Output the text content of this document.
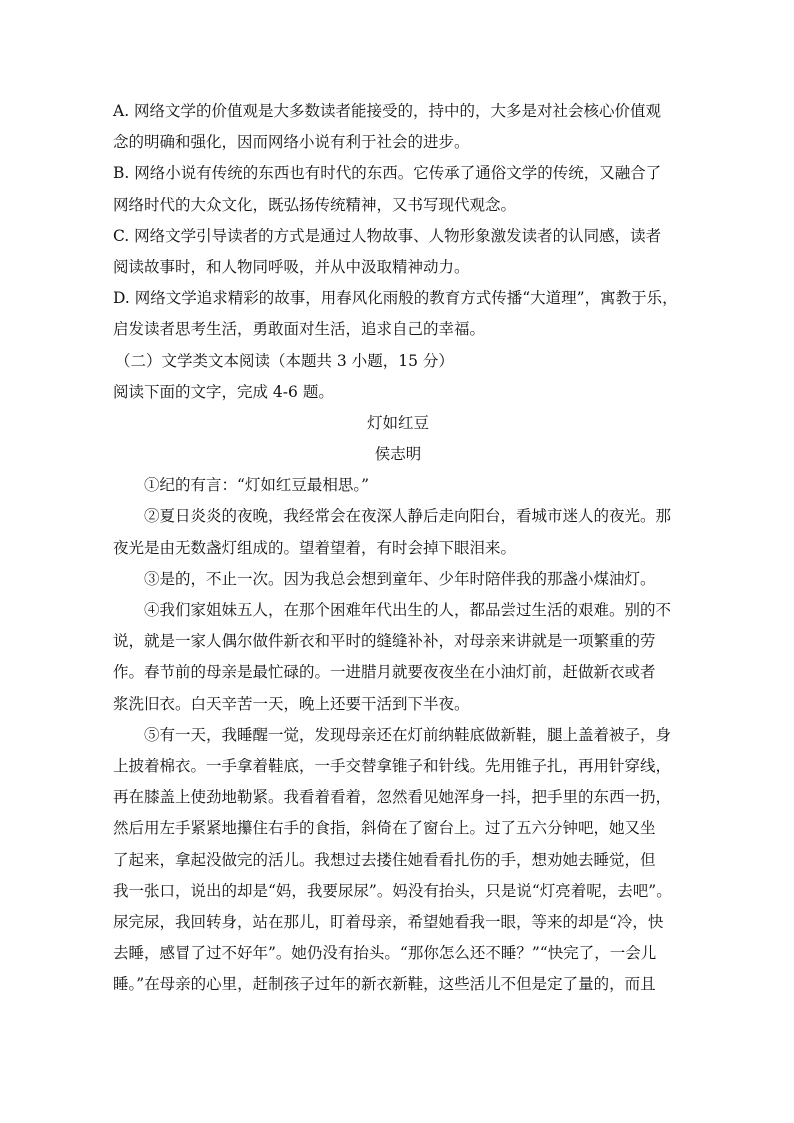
A. 网络文学的价值观是大多数读者能接受的，持中的，大多是对社会核心价值观
念的明确和强化，因而网络小说有利于社会的进步。
B. 网络小说有传统的东西也有时代的东西。它传承了通俗文学的传统，又融合了
网络时代的大众文化，既弘扬传统精神，又书写现代观念。
C. 网络文学引导读者的方式是通过人物故事、人物形象激发读者的认同感，读者
阅读故事时，和人物同呼吸，并从中汲取精神动力。
D. 网络文学追求精彩的故事，用春风化雨般的教育方式传播“大道理”，寓教于乐，
启发读者思考生活，勇敢面对生活，追求自己的幸福。
（二）文学类文本阅读（本题共 3 小题，15 分）
阅读下面的文字，完成 4-6 题。
灯如红豆
侯志明
①纪的有言：“灯如红豆最相思。”
②夏日炎炎的夜晚，我经常会在夜深人静后走向阳台，看城市迷人的夜光。那
夜光是由无数盏灯组成的。望着望着，有时会掉下眼泪来。
③是的，不止一次。因为我总会想到童年、少年时陪伴我的那盏小煤油灯。
④我们家姐妹五人，在那个困难年代出生的人，都品尝过生活的艰难。别的不
说，就是一家人偶尔做件新衣和平时的缝缝补补，对母亲来讲就是一项繁重的劳
作。春节前的母亲是最忙碌的。一进腊月就要夜夜坐在小油灯前，赶做新衣或者
浆洗旧衣。白天辛苦一天，晚上还要干活到下半夜。
⑤有一天，我睡醒一觉，发现母亲还在灯前纳鞋底做新鞋，腿上盖着被子，身
上披着棉衣。一手拿着鞋底，一手交替拿锥子和针线。先用锥子扎，再用针穿线，
再在膝盖上使劲地勒紧。我看着看着，忽然看见她浑身一抖，把手里的东西一扔，
然后用左手紧紧地攥住右手的食指，斜倚在了窗台上。过了五六分钟吧，她又坐
了起来，拿起没做完的活儿。我想过去搂住她看看扎伤的手，想劝她去睡觉，但
我一张口，说出的却是“妈，我要尿尿”。妈没有抬头，只是说“灯亮着呢，去吧”。
尿完尿，我回转身，站在那儿，盯着母亲，希望她看我一眼，等来的却是“冷，快
去睡，感冒了过不好年”。她仍没有抬头。“那你怎么还不睡？”“快完了，一会儿
睡。”在母亲的心里，赶制孩子过年的新衣新鞋，这些活儿不但是定了量的，而且
